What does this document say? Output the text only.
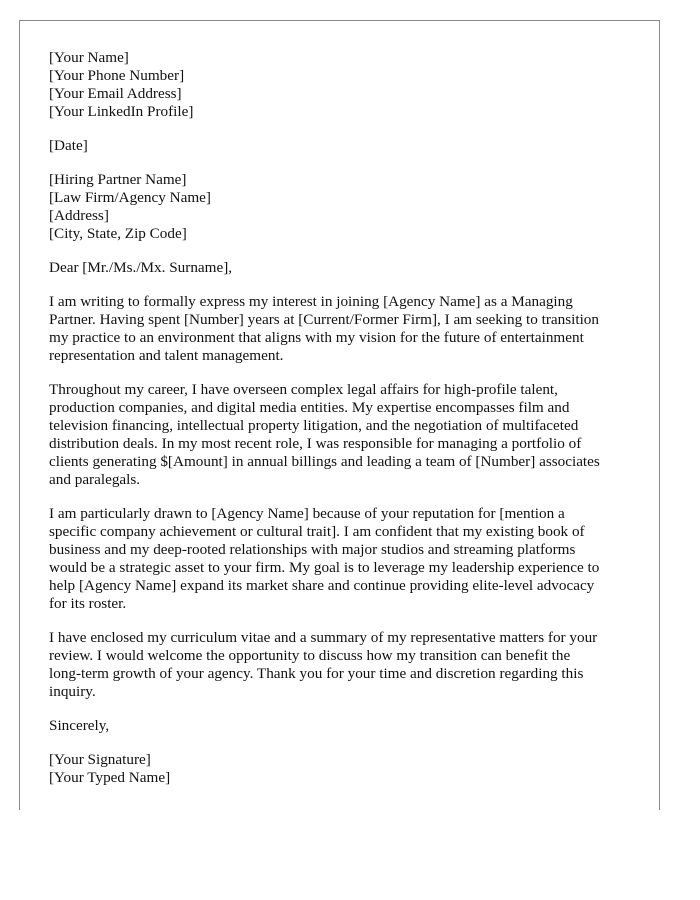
[Your Name]
[Your Phone Number]
[Your Email Address]
[Your LinkedIn Profile]
[Date]
[Hiring Partner Name]
[Law Firm/Agency Name]
[Address]
[City, State, Zip Code]
Dear [Mr./Ms./Mx. Surname],

I am writing to formally express my interest in joining [Agency Name] as a Managing
Partner. Having spent [Number] years at [Current/Former Firm], I am seeking to transition
my practice to an environment that aligns with my vision for the future of entertainment
representation and talent management.

Throughout my career, I have overseen complex legal affairs for high-profile talent,
production companies, and digital media entities. My expertise encompasses film and
television financing, intellectual property litigation, and the negotiation of multifaceted
distribution deals. In my most recent role, I was responsible for managing a portfolio of
clients generating $[Amount] in annual billings and leading a team of [Number] associates
and paralegals.

I am particularly drawn to [Agency Name] because of your reputation for [mention a
specific company achievement or cultural trait]. I am confident that my existing book of
business and my deep-rooted relationships with major studios and streaming platforms
would be a strategic asset to your firm. My goal is to leverage my leadership experience to
help [Agency Name] expand its market share and continue providing elite-level advocacy
for its roster.

I have enclosed my curriculum vitae and a summary of my representative matters for your
review. I would welcome the opportunity to discuss how my transition can benefit the
long-term growth of your agency. Thank you for your time and discretion regarding this
inquiry.

Sincerely,
[Your Signature]
[Your Typed Name]
